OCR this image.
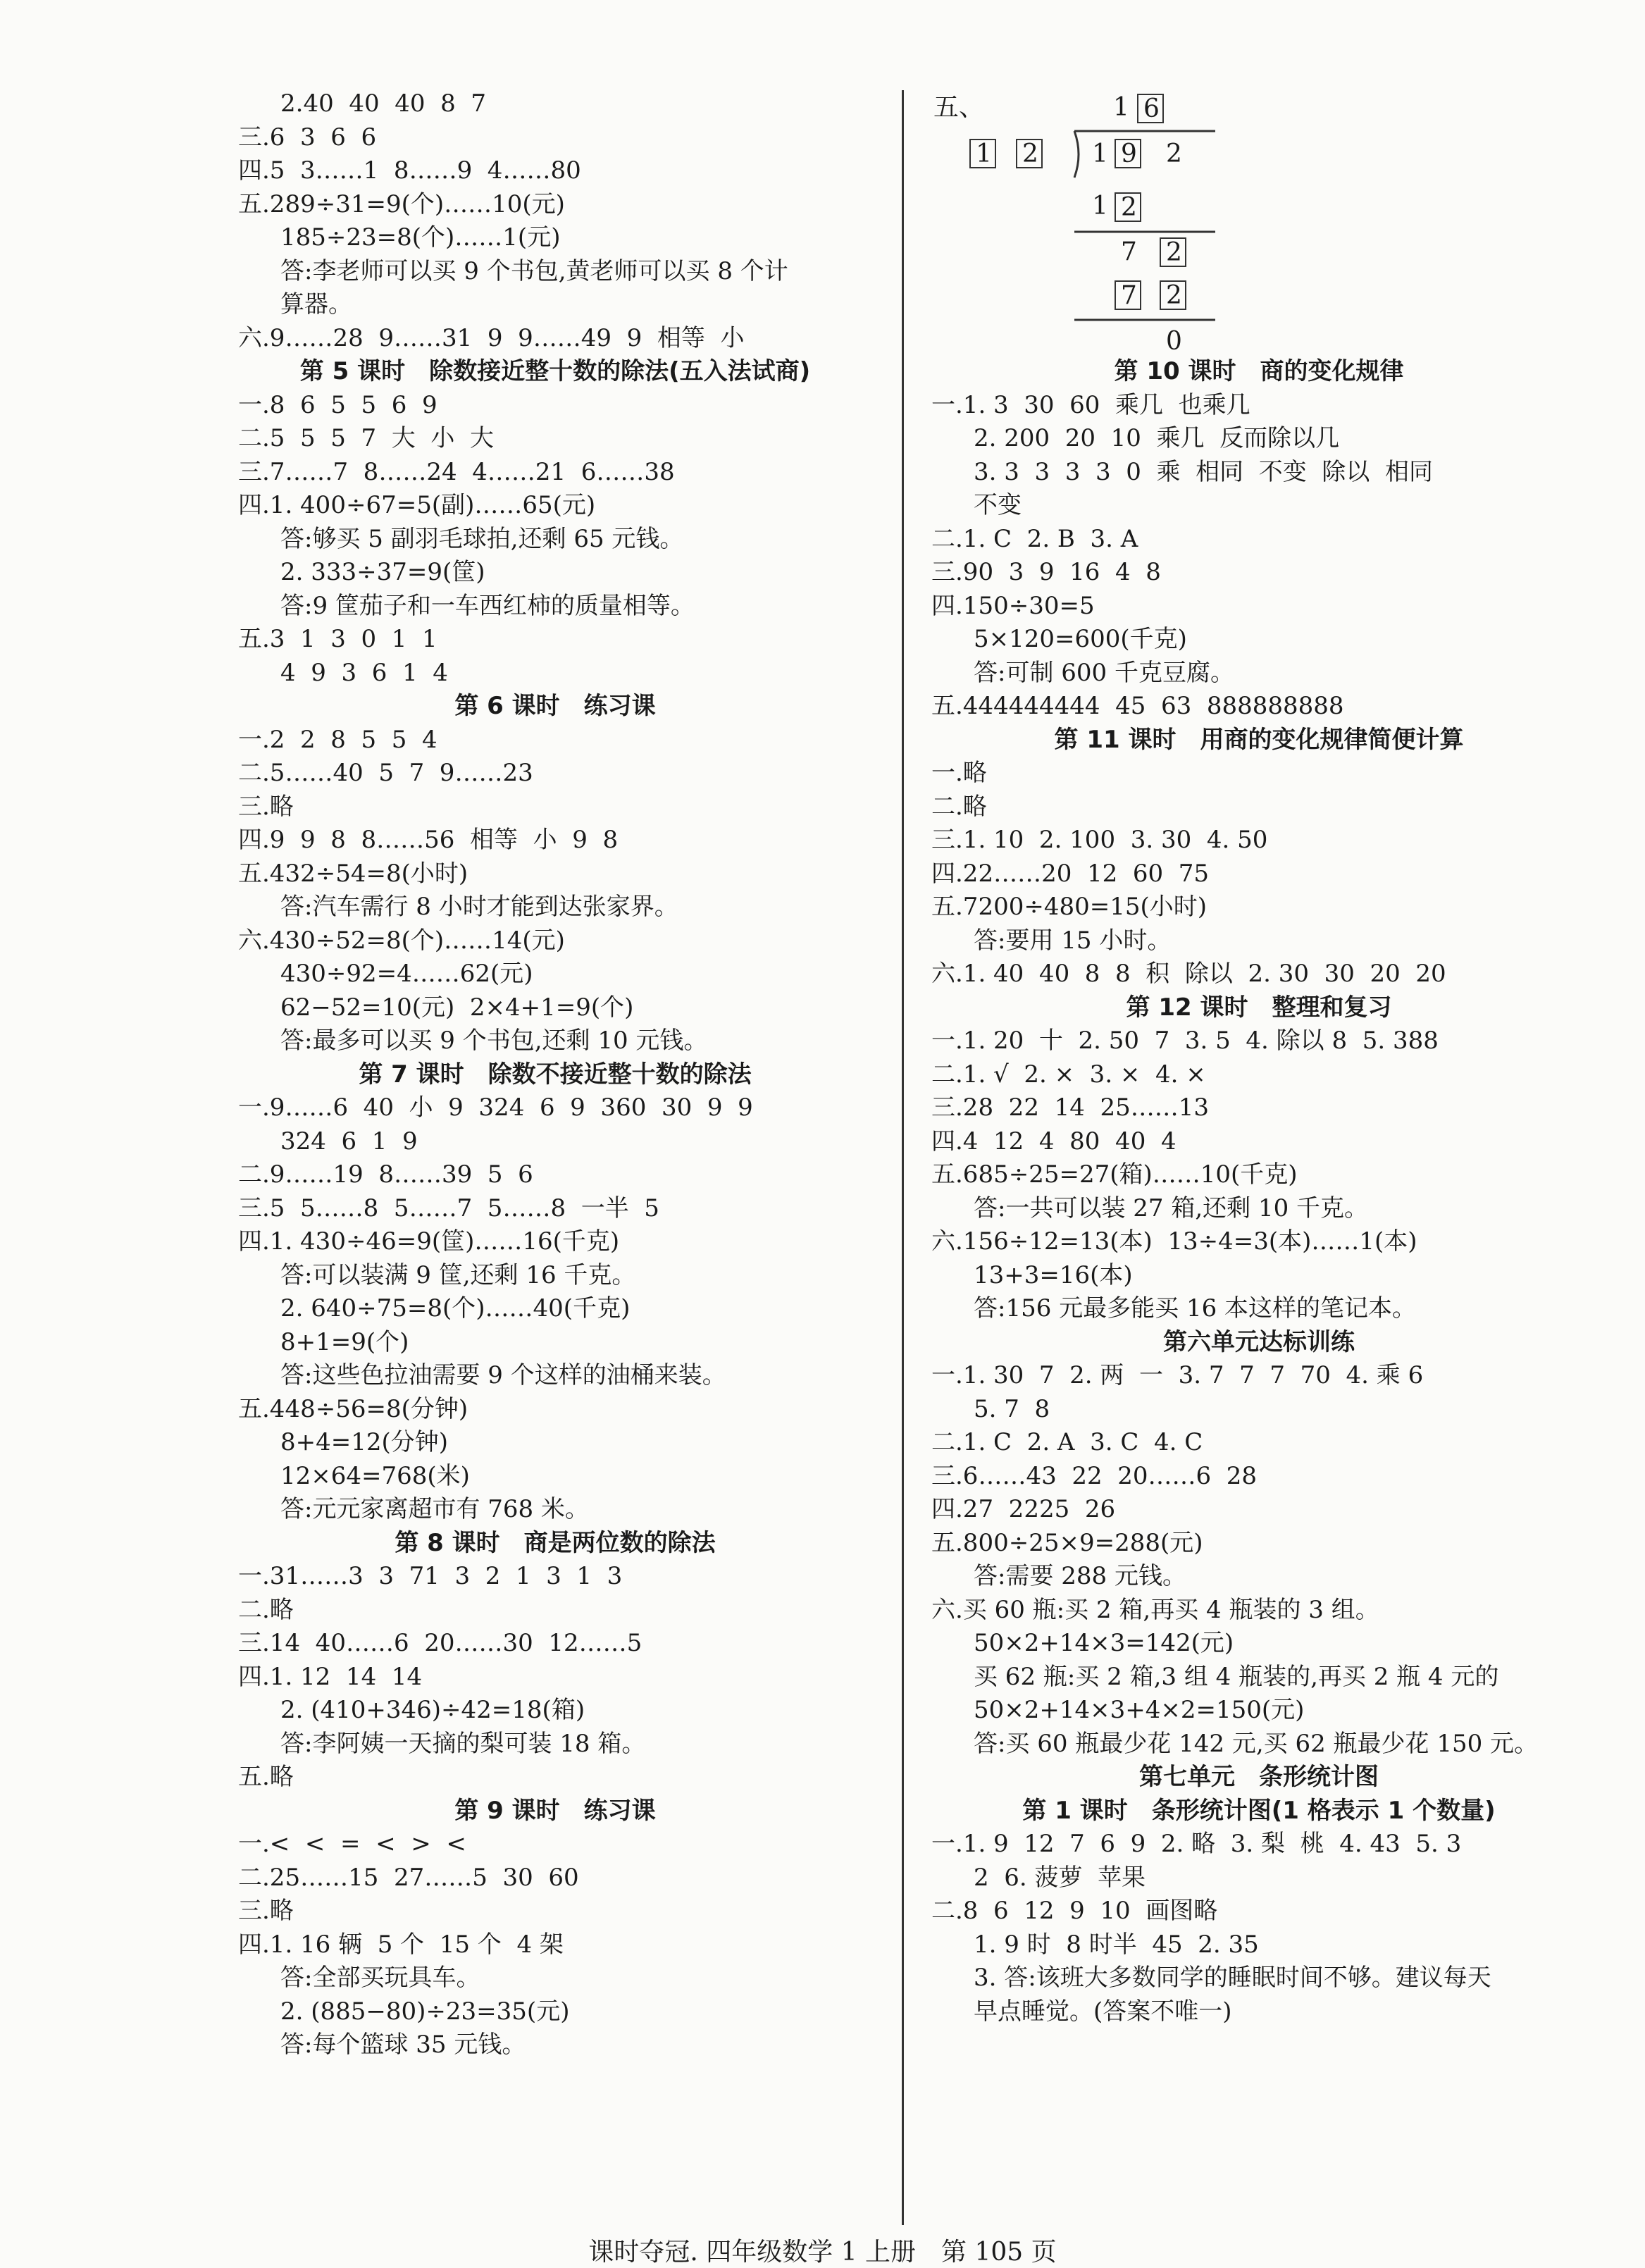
2.40  40  40  8  7
三.6  3  6  6
四.5  3……1  8……9  4……80
五.289÷31=9(个)……10(元)
185÷23=8(个)……1(元)
答:李老师可以买 9 个书包,黄老师可以买 8 个计
算器。
六.9……28  9……31  9  9……49  9  相等  小
第 5 课时　除数接近整十数的除法(五入法试商)
一.8  6  5  5  6  9
二.5  5  5  7  大  小  大
三.7……7  8……24  4……21  6……38
四.1. 400÷67=5(副)……65(元)
答:够买 5 副羽毛球拍,还剩 65 元钱。
2. 333÷37=9(筐)
答:9 筐茄子和一车西红柿的质量相等。
五.3  1  3  0  1  1
4  9  3  6  1  4
第 6 课时　练习课
一.2  2  8  5  5  4
二.5……40  5  7  9……23
三.略
四.9  9  8  8……56  相等  小  9  8
五.432÷54=8(小时)
答:汽车需行 8 小时才能到达张家界。
六.430÷52=8(个)……14(元)
430÷92=4……62(元)
62−52=10(元)  2×4+1=9(个)
答:最多可以买 9 个书包,还剩 10 元钱。
第 7 课时　除数不接近整十数的除法
一.9……6  40  小  9  324  6  9  360  30  9  9
324  6  1  9
二.9……19  8……39  5  6
三.5  5……8  5……7  5……8  一半  5
四.1. 430÷46=9(筐)……16(千克)
答:可以装满 9 筐,还剩 16 千克。
2. 640÷75=8(个)……40(千克)
8+1=9(个)
答:这些色拉油需要 9 个这样的油桶来装。
五.448÷56=8(分钟)
8+4=12(分钟)
12×64=768(米)
答:元元家离超市有 768 米。
第 8 课时　商是两位数的除法
一.31……3  3  71  3  2  1  3  1  3
二.略
三.14  40……6  20……30  12……5
四.1. 12  14  14
2. (410+346)÷42=18(箱)
答:李阿姨一天摘的梨可装 18 箱。
五.略
第 9 课时　练习课
一.<  <  =  <  >  <
二.25……15  27……5  30  60
三.略
四.1. 16 辆  5 个  15 个  4 架
答:全部买玩具车。
2. (885−80)÷23=35(元)
答:每个篮球 35 元钱。
五、	1 6
1 2 1 9 2
1 2
7 2
7 2
0
第 10 课时　商的变化规律
一.1. 3  30  60  乘几  也乘几
2. 200  20  10  乘几  反而除以几
3. 3  3  3  3  0  乘  相同  不变  除以  相同
不变
二.1. C  2. B  3. A
三.90  3  9  16  4  8
四.150÷30=5
5×120=600(千克)
答:可制 600 千克豆腐。
五.444444444  45  63  888888888
第 11 课时　用商的变化规律简便计算
一.略
二.略
三.1. 10  2. 100  3. 30  4. 50
四.22……20  12  60  75
五.7200÷480=15(小时)
答:要用 15 小时。
六.1. 40  40  8  8  积  除以  2. 30  30  20  20
第 12 课时　整理和复习
一.1. 20  十  2. 50  7  3. 5  4. 除以 8  5. 388
二.1. √  2. ×  3. ×  4. ×
三.28  22  14  25……13
四.4  12  4  80  40  4
五.685÷25=27(箱)……10(千克)
答:一共可以装 27 箱,还剩 10 千克。
六.156÷12=13(本)  13÷4=3(本)……1(本)
13+3=16(本)
答:156 元最多能买 16 本这样的笔记本。
第六单元达标训练
一.1. 30  7  2. 两  一  3. 7  7  7  70  4. 乘 6
5. 7  8
二.1. C  2. A  3. C  4. C
三.6……43  22  20……6  28
四.27  2225  26
五.800÷25×9=288(元)
答:需要 288 元钱。
六.买 60 瓶:买 2 箱,再买 4 瓶装的 3 组。
50×2+14×3=142(元)
买 62 瓶:买 2 箱,3 组 4 瓶装的,再买 2 瓶 4 元的
50×2+14×3+4×2=150(元)
答:买 60 瓶最少花 142 元,买 62 瓶最少花 150 元。
第七单元　条形统计图
第 1 课时　条形统计图(1 格表示 1 个数量)
一.1. 9  12  7  6  9  2. 略  3. 梨  桃  4. 43  5. 3
2  6. 菠萝  苹果
二.8  6  12  9  10  画图略
1. 9 时  8 时半  45  2. 35
3. 答:该班大多数同学的睡眠时间不够。建议每天
早点睡觉。(答案不唯一)
课时夺冠. 四年级数学 1 上册　第 105 页
